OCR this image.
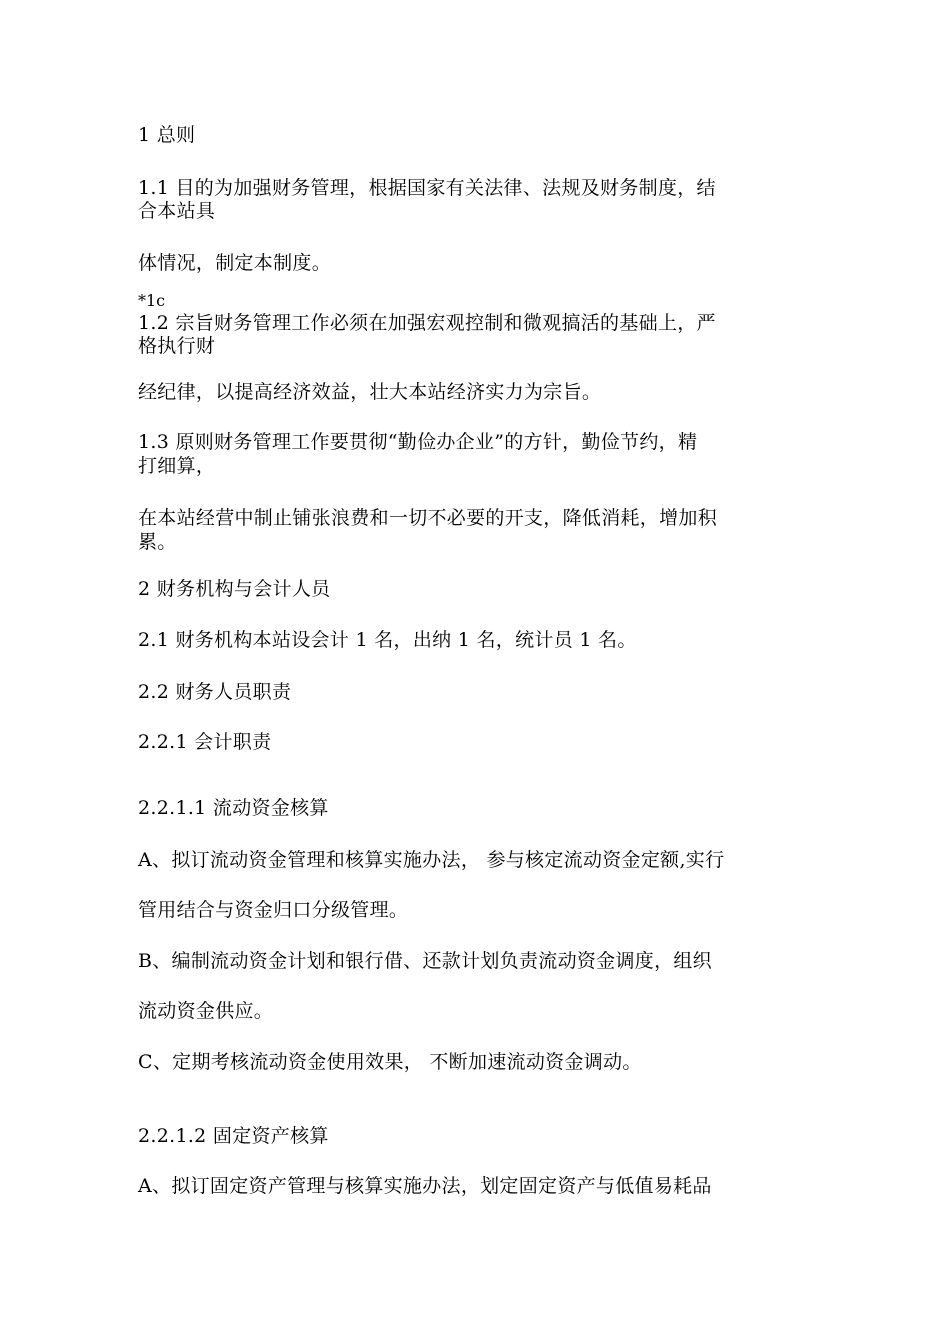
1 总则
1.1 目的为加强财务管理，根据国家有关法律、法规及财务制度，结
合本站具
体情况，制定本制度。
*1c
1.2 宗旨财务管理工作必须在加强宏观控制和微观搞活的基础上，严
格执行财
经纪律，以提高经济效益，壮大本站经济实力为宗旨。
1.3 原则财务管理工作要贯彻“勤俭办企业”的方针，勤俭节约，精
打细算，
在本站经营中制止铺张浪费和一切不必要的开支，降低消耗，增加积
累。
2 财务机构与会计人员
2.1 财务机构本站设会计 1 名，出纳 1 名，统计员 1 名。
2.2 财务人员职责
2.2.1 会计职责
2.2.1.1 流动资金核算
A、拟订流动资金管理和核算实施办法， 参与核定流动资金定额,实行
管用结合与资金归口分级管理。
B、编制流动资金计划和银行借、还款计划负责流动资金调度，组织
流动资金供应。
C、定期考核流动资金使用效果， 不断加速流动资金调动。
2.2.1.2 固定资产核算
A、拟订固定资产管理与核算实施办法，划定固定资产与低值易耗品
